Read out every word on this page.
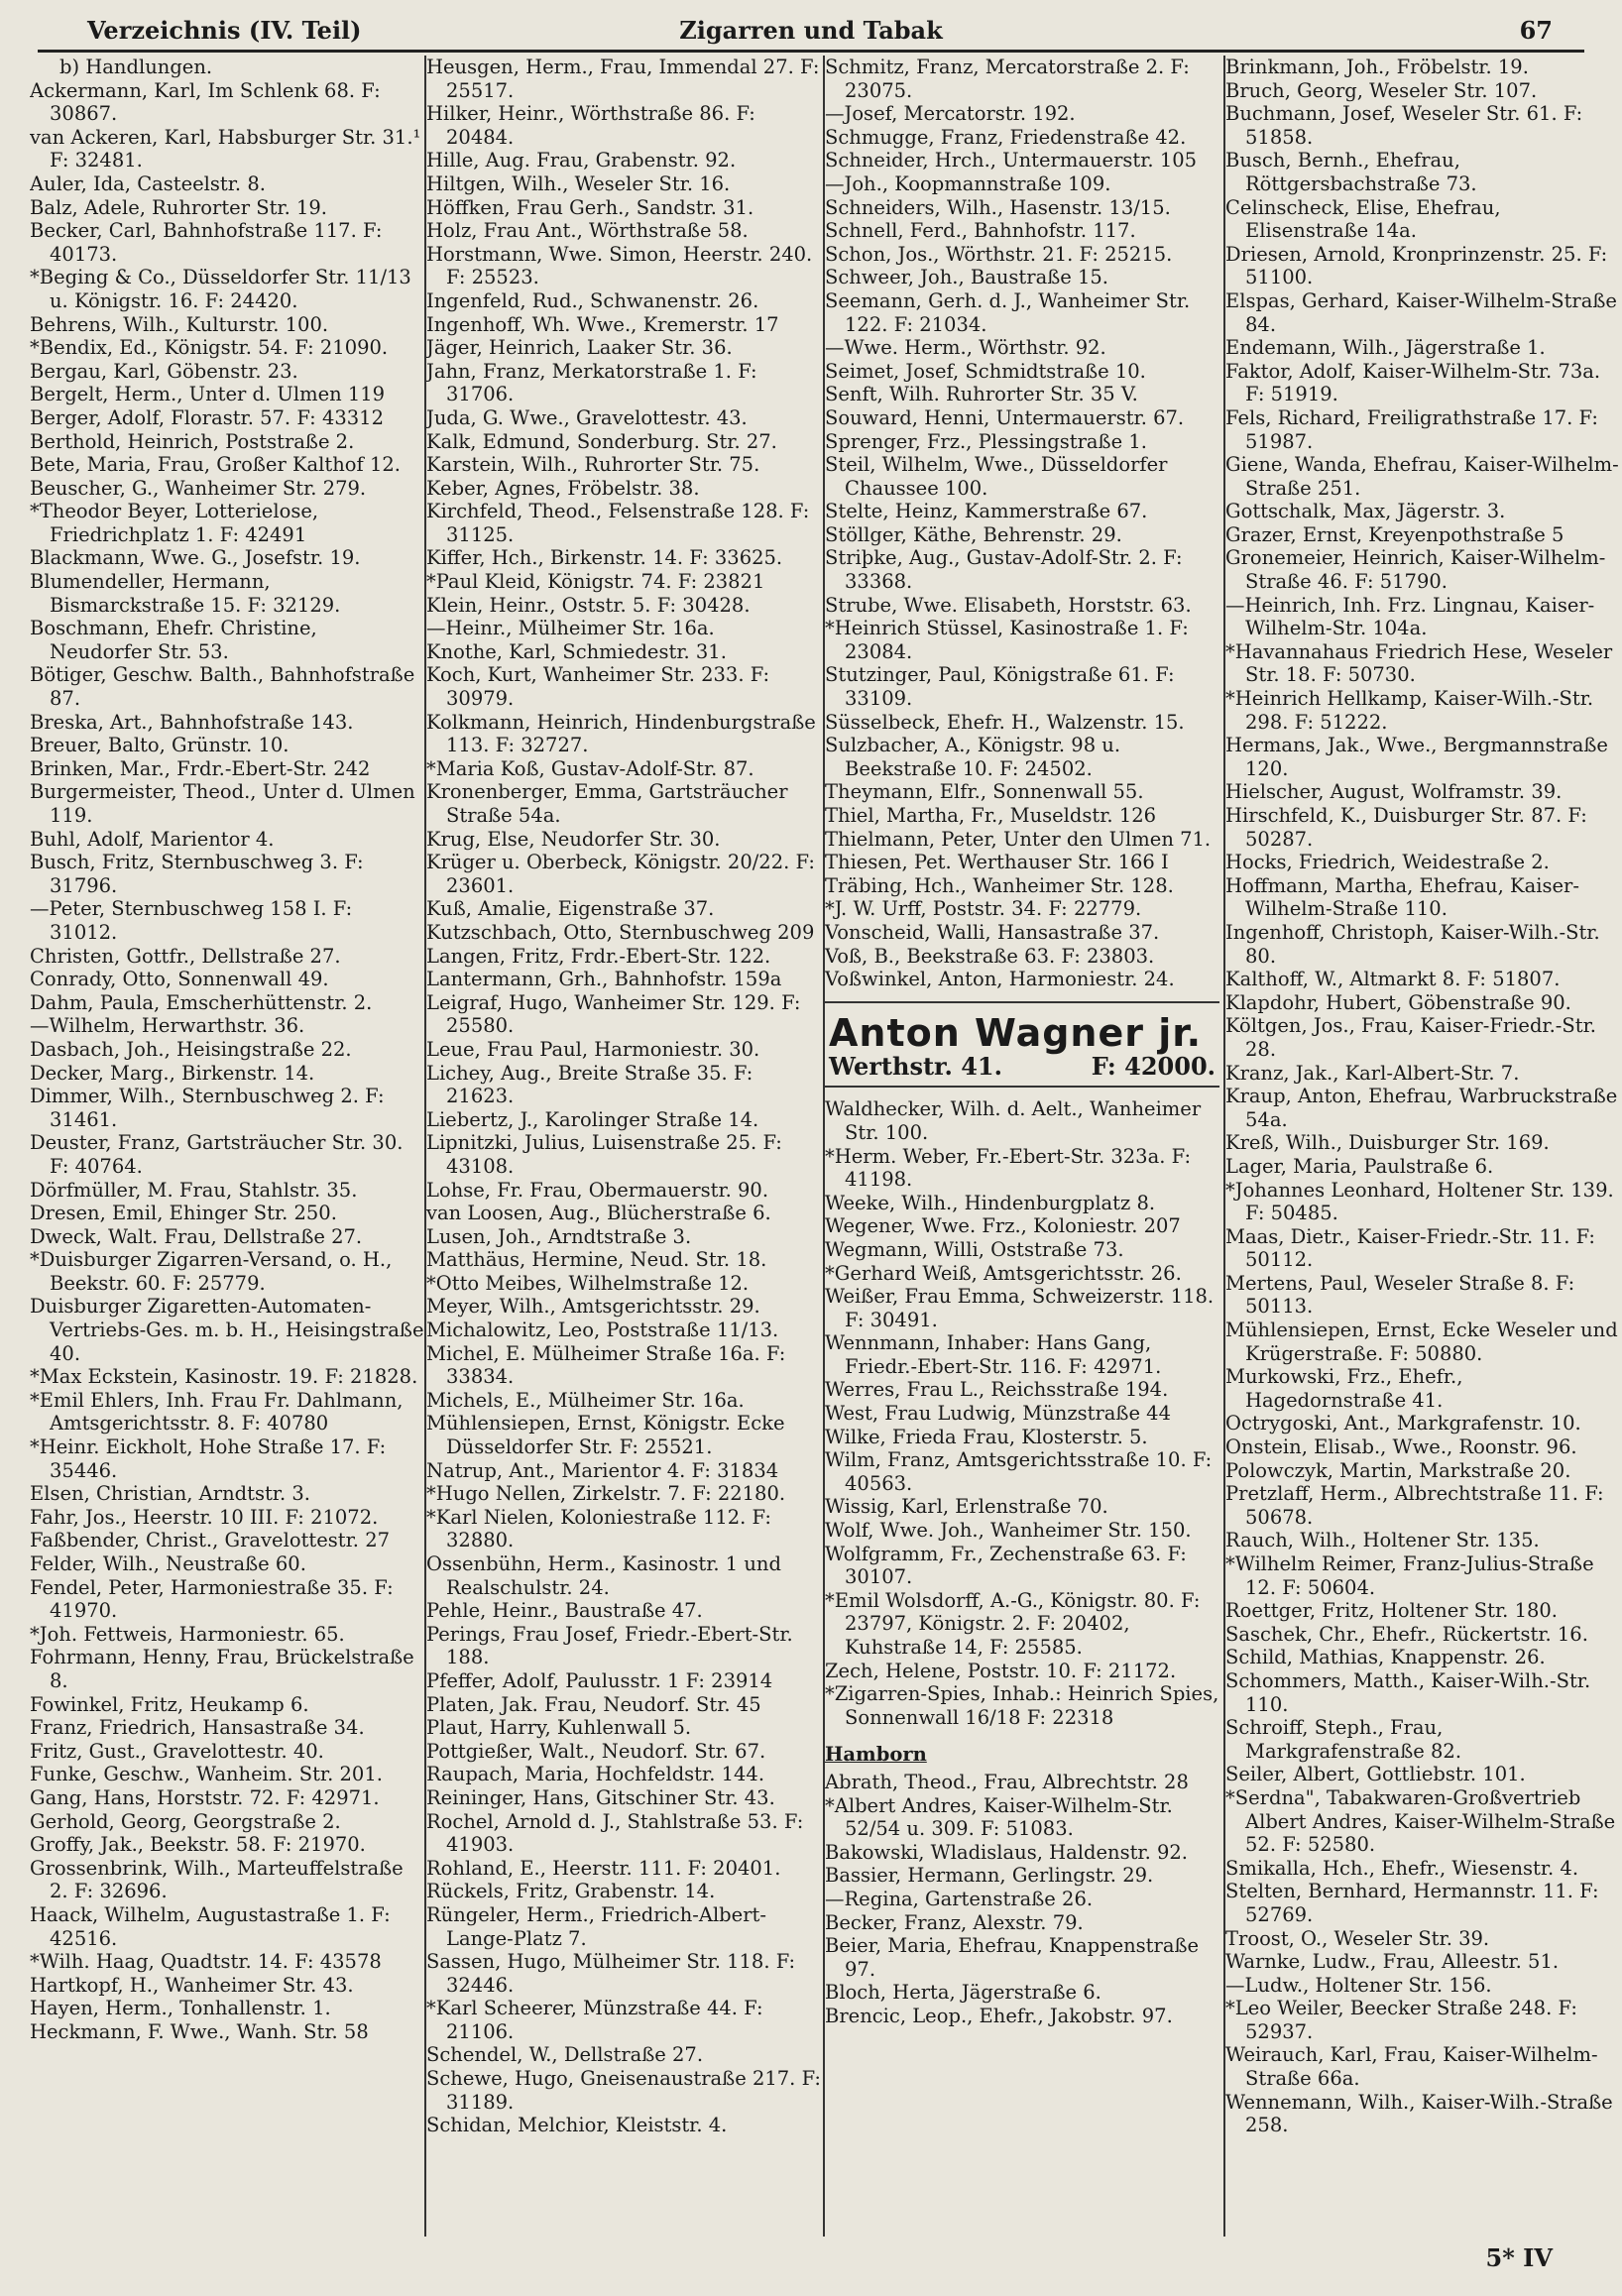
Verzeichnis (IV. Teil)	Zigarren und Tabak	67
b) Handlungen.
Ackermann, Karl, Im Schlenk 68. F: 30867.
van Ackeren, Karl, Habsburger Str. 31.¹ F: 32481.
Auler, Ida, Casteelstr. 8.
Balz, Adele, Ruhrorter Str. 19.
Becker, Carl, Bahnhofstraße 117. F: 40173.
*Beging & Co., Düsseldorfer Str. 11/13 u. Königstr. 16. F: 24420.
Behrens, Wilh., Kulturstr. 100.
*Bendix, Ed., Königstr. 54. F: 21090.
Bergau, Karl, Göbenstr. 23.
Bergelt, Herm., Unter d. Ulmen 119
Berger, Adolf, Florastr. 57. F: 43312
Berthold, Heinrich, Poststraße 2.
Bete, Maria, Frau, Großer Kalthof 12.
Beuscher, G., Wanheimer Str. 279.
*Theodor Beyer, Lotterielose, Friedrichplatz 1. F: 42491
Blackmann, Wwe. G., Josefstr. 19.
Blumendeller, Hermann, Bismarckstraße 15. F: 32129.
Boschmann, Ehefr. Christine, Neudorfer Str. 53.
Bötiger, Geschw. Balth., Bahnhofstraße 87.
Breska, Art., Bahnhofstraße 143.
Breuer, Balto, Grünstr. 10.
Brinken, Mar., Frdr.-Ebert-Str. 242
Burgermeister, Theod., Unter d. Ulmen 119.
Buhl, Adolf, Marientor 4.
Busch, Fritz, Sternbuschweg 3. F: 31796.
—Peter, Sternbuschweg 158 I. F: 31012.
Christen, Gottfr., Dellstraße 27.
Conrady, Otto, Sonnenwall 49.
Dahm, Paula, Emscherhüttenstr. 2.
—Wilhelm, Herwarthstr. 36.
Dasbach, Joh., Heisingstraße 22.
Decker, Marg., Birkenstr. 14.
Dimmer, Wilh., Sternbuschweg 2. F: 31461.
Deuster, Franz, Gartsträucher Str. 30. F: 40764.
Dörfmüller, M. Frau, Stahlstr. 35.
Dresen, Emil, Ehinger Str. 250.
Dweck, Walt. Frau, Dellstraße 27.
*Duisburger Zigarren-Versand, o. H., Beekstr. 60. F: 25779.
Duisburger Zigaretten-Automaten-Vertriebs-Ges. m. b. H., Heisingstraße 40.
*Max Eckstein, Kasinostr. 19. F: 21828.
*Emil Ehlers, Inh. Frau Fr. Dahlmann, Amtsgerichtsstr. 8. F: 40780
*Heinr. Eickholt, Hohe Straße 17. F: 35446.
Elsen, Christian, Arndtstr. 3.
Fahr, Jos., Heerstr. 10 III. F: 21072.
Faßbender, Christ., Gravelottestr. 27
Felder, Wilh., Neustraße 60.
Fendel, Peter, Harmoniestraße 35. F: 41970.
*Joh. Fettweis, Harmoniestr. 65.
Fohrmann, Henny, Frau, Brückelstraße 8.
Fowinkel, Fritz, Heukamp 6.
Franz, Friedrich, Hansastraße 34.
Fritz, Gust., Gravelottestr. 40.
Funke, Geschw., Wanheim. Str. 201.
Gang, Hans, Horststr. 72. F: 42971.
Gerhold, Georg, Georgstraße 2.
Groffy, Jak., Beekstr. 58. F: 21970.
Grossenbrink, Wilh., Marteuffelstraße 2. F: 32696.
Haack, Wilhelm, Augustastraße 1. F: 42516.
*Wilh. Haag, Quadtstr. 14. F: 43578
Hartkopf, H., Wanheimer Str. 43.
Hayen, Herm., Tonhallenstr. 1.
Heckmann, F. Wwe., Wanh. Str. 58
Heusgen, Herm., Frau, Immendal 27. F: 25517.
Hilker, Heinr., Wörthstraße 86. F: 20484.
Hille, Aug. Frau, Grabenstr. 92.
Hiltgen, Wilh., Weseler Str. 16.
Höffken, Frau Gerh., Sandstr. 31.
Holz, Frau Ant., Wörthstraße 58.
Horstmann, Wwe. Simon, Heerstr. 240. F: 25523.
Ingenfeld, Rud., Schwanenstr. 26.
Ingenhoff, Wh. Wwe., Kremerstr. 17
Jäger, Heinrich, Laaker Str. 36.
Jahn, Franz, Merkatorstraße 1. F: 31706.
Juda, G. Wwe., Gravelottestr. 43.
Kalk, Edmund, Sonderburg. Str. 27.
Karstein, Wilh., Ruhrorter Str. 75.
Keber, Agnes, Fröbelstr. 38.
Kirchfeld, Theod., Felsenstraße 128. F: 31125.
Kiffer, Hch., Birkenstr. 14. F: 33625.
*Paul Kleid, Königstr. 74. F: 23821
Klein, Heinr., Oststr. 5. F: 30428.
—Heinr., Mülheimer Str. 16a.
Knothe, Karl, Schmiedestr. 31.
Koch, Kurt, Wanheimer Str. 233. F: 30979.
Kolkmann, Heinrich, Hindenburgstraße 113. F: 32727.
*Maria Koß, Gustav-Adolf-Str. 87.
Kronenberger, Emma, Gartsträucher Straße 54a.
Krug, Else, Neudorfer Str. 30.
Krüger u. Oberbeck, Königstr. 20/22. F: 23601.
Kuß, Amalie, Eigenstraße 37.
Kutzschbach, Otto, Sternbuschweg 209
Langen, Fritz, Frdr.-Ebert-Str. 122.
Lantermann, Grh., Bahnhofstr. 159a
Leigraf, Hugo, Wanheimer Str. 129. F: 25580.
Leue, Frau Paul, Harmoniestr. 30.
Lichey, Aug., Breite Straße 35. F: 21623.
Liebertz, J., Karolinger Straße 14.
Lipnitzki, Julius, Luisenstraße 25. F: 43108.
Lohse, Fr. Frau, Obermauerstr. 90.
van Loosen, Aug., Blücherstraße 6.
Lusen, Joh., Arndtstraße 3.
Matthäus, Hermine, Neud. Str. 18.
*Otto Meibes, Wilhelmstraße 12.
Meyer, Wilh., Amtsgerichtsstr. 29.
Michalowitz, Leo, Poststraße 11/13.
Michel, E. Mülheimer Straße 16a. F: 33834.
Michels, E., Mülheimer Str. 16a.
Mühlensiepen, Ernst, Königstr. Ecke Düsseldorfer Str. F: 25521.
Natrup, Ant., Marientor 4. F: 31834
*Hugo Nellen, Zirkelstr. 7. F: 22180.
*Karl Nielen, Koloniestraße 112. F: 32880.
Ossenbühn, Herm., Kasinostr. 1 und Realschulstr. 24.
Pehle, Heinr., Baustraße 47.
Perings, Frau Josef, Friedr.-Ebert-Str. 188.
Pfeffer, Adolf, Paulusstr. 1 F: 23914
Platen, Jak. Frau, Neudorf. Str. 45
Plaut, Harry, Kuhlenwall 5.
Pottgießer, Walt., Neudorf. Str. 67.
Raupach, Maria, Hochfeldstr. 144.
Reininger, Hans, Gitschiner Str. 43.
Rochel, Arnold d. J., Stahlstraße 53. F: 41903.
Rohland, E., Heerstr. 111. F: 20401.
Rückels, Fritz, Grabenstr. 14.
Rüngeler, Herm., Friedrich-Albert-Lange-Platz 7.
Sassen, Hugo, Mülheimer Str. 118. F: 32446.
*Karl Scheerer, Münzstraße 44. F: 21106.
Schendel, W., Dellstraße 27.
Schewe, Hugo, Gneisenaustraße 217. F: 31189.
Schidan, Melchior, Kleiststr. 4.
Schmitz, Franz, Mercatorstraße 2. F: 23075.
—Josef, Mercatorstr. 192.
Schmugge, Franz, Friedenstraße 42.
Schneider, Hrch., Untermauerstr. 105
—Joh., Koopmannstraße 109.
Schneiders, Wilh., Hasenstr. 13/15.
Schnell, Ferd., Bahnhofstr. 117.
Schon, Jos., Wörthstr. 21. F: 25215.
Schweer, Joh., Baustraße 15.
Seemann, Gerh. d. J., Wanheimer Str. 122. F: 21034.
—Wwe. Herm., Wörthstr. 92.
Seimet, Josef, Schmidtstraße 10.
Senft, Wilh. Ruhrorter Str. 35 V.
Souward, Henni, Untermauerstr. 67.
Sprenger, Frz., Plessingstraße 1.
Steil, Wilhelm, Wwe., Düsseldorfer Chaussee 100.
Stelte, Heinz, Kammerstraße 67.
Stöllger, Käthe, Behrenstr. 29.
Striþke, Aug., Gustav-Adolf-Str. 2. F: 33368.
Strube, Wwe. Elisabeth, Horststr. 63.
*Heinrich Stüssel, Kasinostraße 1. F: 23084.
Stutzinger, Paul, Königstraße 61. F: 33109.
Süsselbeck, Ehefr. H., Walzenstr. 15.
Sulzbacher, A., Königstr. 98 u. Beekstraße 10. F: 24502.
Theymann, Elfr., Sonnenwall 55.
Thiel, Martha, Fr., Museldstr. 126
Thielmann, Peter, Unter den Ulmen 71.
Thiesen, Pet. Werthauser Str. 166 I
Träbing, Hch., Wanheimer Str. 128.
*J. W. Urff, Poststr. 34. F: 22779.
Vonscheid, Walli, Hansastraße 37.
Voß, B., Beekstraße 63. F: 23803.
Voßwinkel, Anton, Harmoniestr. 24.
Anton Wagner jr.
Werthstr. 41.	F: 42000.
Waldhecker, Wilh. d. Aelt., Wanheimer Str. 100.
*Herm. Weber, Fr.-Ebert-Str. 323a. F: 41198.
Weeke, Wilh., Hindenburgplatz 8.
Wegener, Wwe. Frz., Koloniestr. 207
Wegmann, Willi, Oststraße 73.
*Gerhard Weiß, Amtsgerichtsstr. 26.
Weißer, Frau Emma, Schweizerstr. 118. F: 30491.
Wennmann, Inhaber: Hans Gang, Friedr.-Ebert-Str. 116. F: 42971.
Werres, Frau L., Reichsstraße 194.
West, Frau Ludwig, Münzstraße 44
Wilke, Frieda Frau, Klosterstr. 5.
Wilm, Franz, Amtsgerichtsstraße 10. F: 40563.
Wissig, Karl, Erlenstraße 70.
Wolf, Wwe. Joh., Wanheimer Str. 150.
Wolfgramm, Fr., Zechenstraße 63. F: 30107.
*Emil Wolsdorff, A.-G., Königstr. 80. F: 23797, Königstr. 2. F: 20402, Kuhstraße 14, F: 25585.
Zech, Helene, Poststr. 10. F: 21172.
*Zigarren-Spies, Inhab.: Heinrich Spies, Sonnenwall 16/18 F: 22318
Hamborn
Abrath, Theod., Frau, Albrechtstr. 28
*Albert Andres, Kaiser-Wilhelm-Str. 52/54 u. 309. F: 51083.
Bakowski, Wladislaus, Haldenstr. 92.
Bassier, Hermann, Gerlingstr. 29.
—Regina, Gartenstraße 26.
Becker, Franz, Alexstr. 79.
Beier, Maria, Ehefrau, Knappenstraße 97.
Bloch, Herta, Jägerstraße 6.
Brencic, Leop., Ehefr., Jakobstr. 97.
Brinkmann, Joh., Fröbelstr. 19.
Bruch, Georg, Weseler Str. 107.
Buchmann, Josef, Weseler Str. 61. F: 51858.
Busch, Bernh., Ehefrau, Röttgersbachstraße 73.
Celinscheck, Elise, Ehefrau, Elisenstraße 14a.
Driesen, Arnold, Kronprinzenstr. 25. F: 51100.
Elspas, Gerhard, Kaiser-Wilhelm-Straße 84.
Endemann, Wilh., Jägerstraße 1.
Faktor, Adolf, Kaiser-Wilhelm-Str. 73a. F: 51919.
Fels, Richard, Freiligrathstraße 17. F: 51987.
Giene, Wanda, Ehefrau, Kaiser-Wilhelm-Straße 251.
Gottschalk, Max, Jägerstr. 3.
Grazer, Ernst, Kreyenpothstraße 5
Gronemeier, Heinrich, Kaiser-Wilhelm-Straße 46. F: 51790.
—Heinrich, Inh. Frz. Lingnau, Kaiser-Wilhelm-Str. 104a.
*Havannahaus Friedrich Hese, Weseler Str. 18. F: 50730.
*Heinrich Hellkamp, Kaiser-Wilh.-Str. 298. F: 51222.
Hermans, Jak., Wwe., Bergmannstraße 120.
Hielscher, August, Wolframstr. 39.
Hirschfeld, K., Duisburger Str. 87. F: 50287.
Hocks, Friedrich, Weidestraße 2.
Hoffmann, Martha, Ehefrau, Kaiser-Wilhelm-Straße 110.
Ingenhoff, Christoph, Kaiser-Wilh.-Str. 80.
Kalthoff, W., Altmarkt 8. F: 51807.
Klapdohr, Hubert, Göbenstraße 90.
Költgen, Jos., Frau, Kaiser-Friedr.-Str. 28.
Kranz, Jak., Karl-Albert-Str. 7.
Kraup, Anton, Ehefrau, Warbruckstraße 54a.
Kreß, Wilh., Duisburger Str. 169.
Lager, Maria, Paulstraße 6.
*Johannes Leonhard, Holtener Str. 139. F: 50485.
Maas, Dietr., Kaiser-Friedr.-Str. 11. F: 50112.
Mertens, Paul, Weseler Straße 8. F: 50113.
Mühlensiepen, Ernst, Ecke Weseler und Krügerstraße. F: 50880.
Murkowski, Frz., Ehefr., Hagedornstraße 41.
Octrygoski, Ant., Markgrafenstr. 10.
Onstein, Elisab., Wwe., Roonstr. 96.
Polowczyk, Martin, Markstraße 20.
Pretzlaff, Herm., Albrechtstraße 11. F: 50678.
Rauch, Wilh., Holtener Str. 135.
*Wilhelm Reimer, Franz-Julius-Straße 12. F: 50604.
Roettger, Fritz, Holtener Str. 180.
Saschek, Chr., Ehefr., Rückertstr. 16.
Schild, Mathias, Knappenstr. 26.
Schommers, Matth., Kaiser-Wilh.-Str. 110.
Schroiff, Steph., Frau, Markgrafenstraße 82.
Seiler, Albert, Gottliebstr. 101.
*Serdna", Tabakwaren-Großvertrieb Albert Andres, Kaiser-Wilhelm-Straße 52. F: 52580.
Smikalla, Hch., Ehefr., Wiesenstr. 4.
Stelten, Bernhard, Hermannstr. 11. F: 52769.
Troost, O., Weseler Str. 39.
Warnke, Ludw., Frau, Alleestr. 51.
—Ludw., Holtener Str. 156.
*Leo Weiler, Beecker Straße 248. F: 52937.
Weirauch, Karl, Frau, Kaiser-Wilhelm-Straße 66a.
Wennemann, Wilh., Kaiser-Wilh.-Straße 258.
5* IV
